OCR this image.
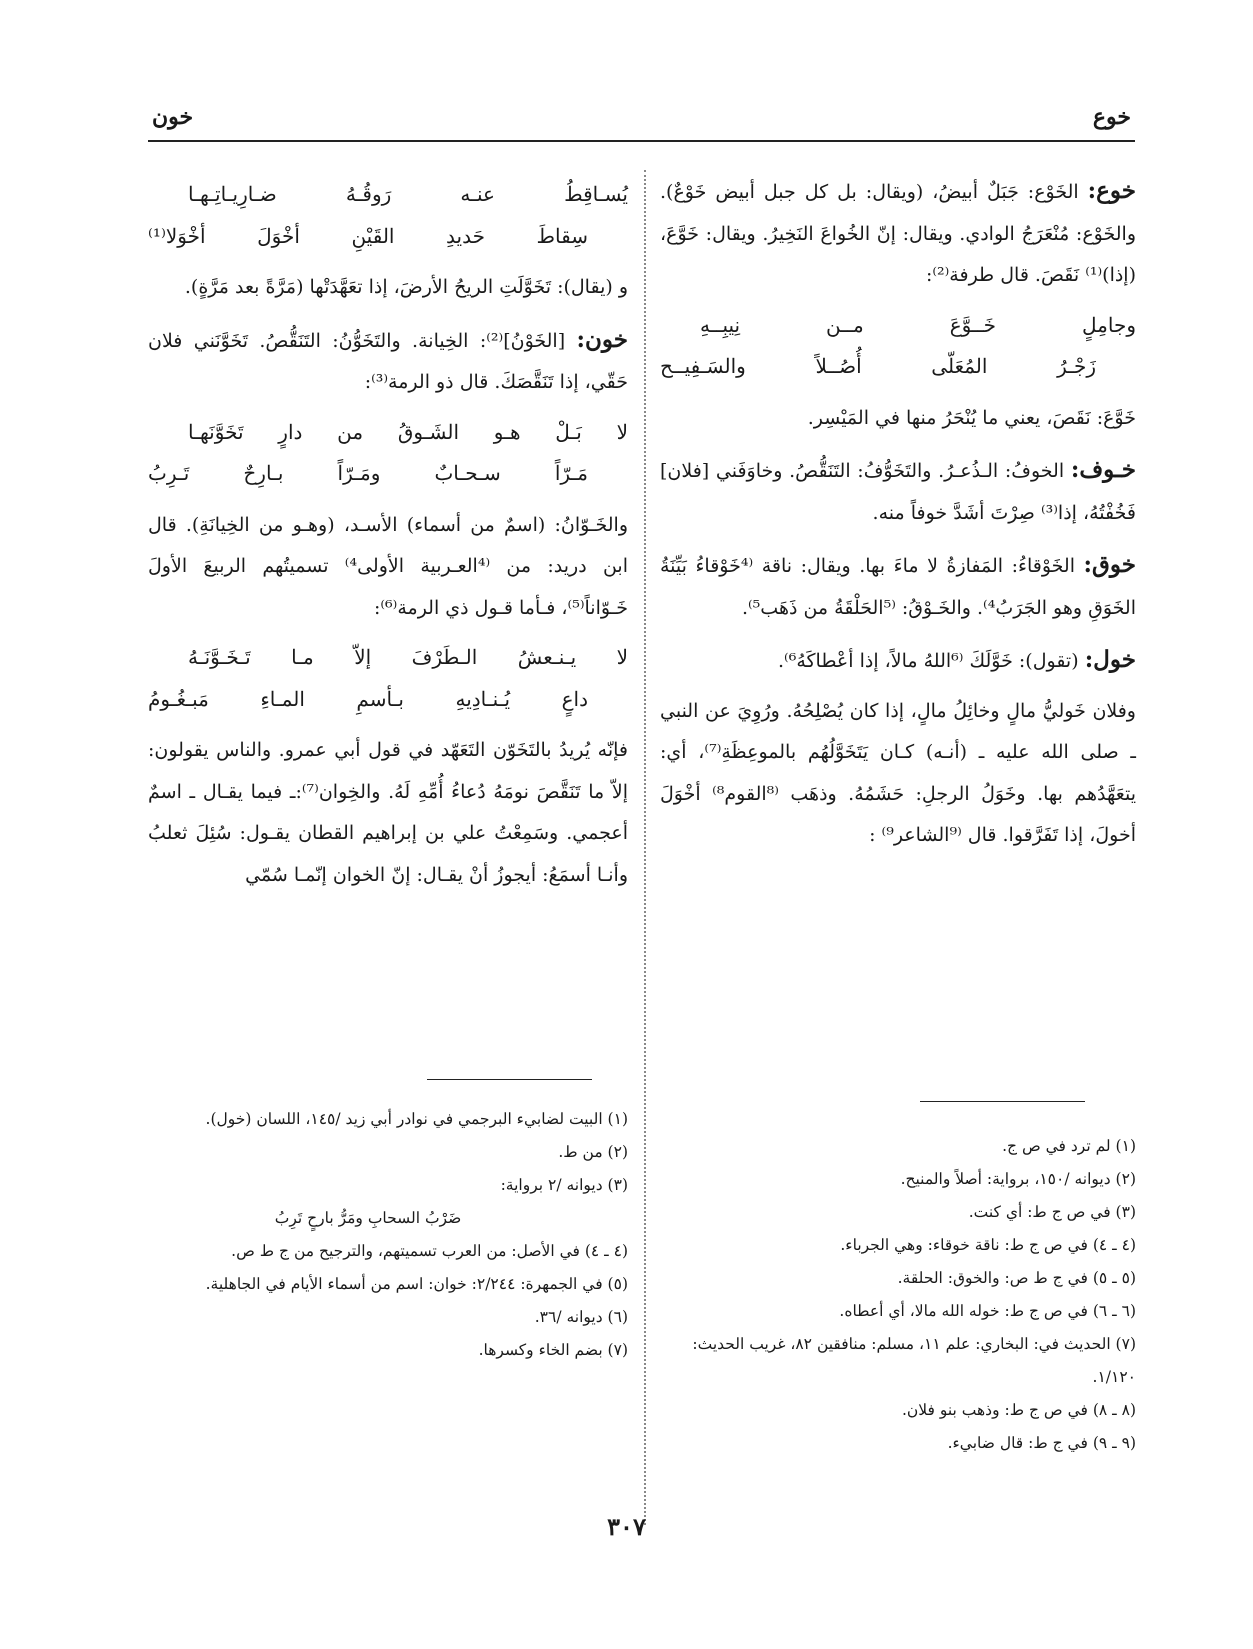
خوع
خون

خوع: الخَوْع: جَبَلٌ أبيضُ، (ويقال: بل كل جبل أبيض خَوْعٌ). والخَوْع: مُنْعَرَجُ الوادي. ويقال: إنّ الخُواعَ النَخِيرُ. ويقال: خَوَّعَ، (إذا)⁽¹⁾ نَقَصَ. قال طرفة⁽²⁾:

وجامِلٍ خَــوَّعَ مــن نِيبِــهِ
زَجْـرُ المُعَلّى أُصُــلاً والسَـفِيــح

خَوَّعَ: نَقَصَ، يعني ما يُنْحَرُ منها في المَيْسِر.

خـوف: الخوفُ: الـذُعـرُ. والتَخَوُّفُ: التَنَقُّصُ. وخاوَفَني [فلان] فَخُفْتُهُ، إذا⁽³⁾ صِرْتَ أشَدَّ خوفاً منه.

خوق: الخَوْقاءُ: المَفازةُ لا ماءَ بها. ويقال: ناقة ⁽⁴خَوْقاءُ بَيِّنَةُ الخَوَقِ وهو الجَرَبُ⁴⁾. والخَـوْقُ: ⁽⁵الحَلْقَةُ من ذَهَب⁵⁾.

خول: (تقول): خَوَّلَكَ ⁽⁶اللهُ مالاً، إذا أعْطاكَهُ⁶⁾.

وفلان خَوليُّ مالٍ وخائِلُ مالٍ، إذا كان يُصْلِحُهُ. ورُوِيَ عن النبي ـ صلى الله عليه ـ (أنـه) كـان يَتَخَوَّلُهُم بالموعِظَةِ⁽⁷⁾، أي: يتعَهَّدُهم بها. وخَوَلُ الرجلِ: حَشَمُهُ. وذهَب ⁽⁸القوم⁸⁾ أخْوَلَ أخولَ، إذا تَفَرَّقوا. قال ⁽⁹الشاعر⁹⁾ :

يُسـاقِطُ عنـه رَوقُـهُ ضـارِيـاتِـهـا
سِقاطَ حَديدِ القَيْنِ أخْوَلَ أخْوَلا⁽¹⁾

و (يقال): تَخَوَّلَتِ الريحُ الأرضَ، إذا تعَهَّدَتْها (مَرَّةً بعد مَرَّةٍ).

خون: [الخَوْنُ]⁽²⁾: الخِيانة. والتَخَوُّنُ: التَنَقُّصُ. تَخَوَّنَني فلان حَقّي، إذا تَنَقَّصَكَ. قال ذو الرمة⁽³⁾:

لا بَـلْ هـو الشَـوقُ من دارٍ تَخَوَّنَهـا
مَـرّاً سـحـابٌ ومَـرّاً بـارِحٌ تَـرِبُ

والخَـوّانُ: (اسمٌ من أسماء) الأسـد، (وهـو من الخِيانَةِ). قال ابن دريد: من ⁽⁴العـربية الأولى⁴⁾ تسميتُهم الربيعَ الأولَ خَـوّاناً⁽⁵⁾، فـأما قـول ذي الرمة⁽⁶⁾:

لا يـنـعشُ الـطَرْفَ إلاّ مـا تَـخَـوَّنَـهُ
داعٍ يُـنـادِيهِ بـأسمِ المـاءِ مَبـغُـومُ

فإنّه يُريدُ بالتَخَوّن التَعَهّد في قول أبي عمرو. والناس يقولون: إلاّ ما تَنَقَّصَ نومَهُ دُعاءُ أُمِّهِ لَهُ. والخِوان⁽⁷⁾:ـ فيما يقـال ـ اسمٌ أعجمي. وسَمِعْتُ علي بن إبراهيم القطان يقـول: سُئِلَ ثعلبُ وأنـا أسمَعُ: أيجوزُ أنْ يقـال: إنّ الخوان إنّمـا سُمّي

(١) لم ترد في ص ج.

(٢) ديوانه /١٥٠، برواية: أصلاً والمنيح.

(٣) في ص ج ط: أي كنت.

(٤ ـ ٤) في ص ج ط: ناقة خوقاء: وهي الجرباء.

(٥ ـ ٥) في ج ط ص: والخوق: الحلقة.

(٦ ـ ٦) في ص ج ط: خوله الله مالا، أي أعطاه.

(٧) الحديث في: البخاري: علم ١١، مسلم: منافقين ٨٢، غريب الحديث: ١/١٢٠.

(٨ ـ ٨) في ص ج ط: وذهب بنو فلان.

(٩ ـ ٩) في ج ط: قال ضابيء.

(١) البيت لضابيء البرجمي في نوادر أبي زيد /١٤٥، اللسان (خول).

(٢) من ط.

(٣) ديوانه /٢ برواية:

ضَرْبُ السحابِ ومَرُّ بارحٍ تَرِبُ

(٤ ـ ٤) في الأصل: من العرب تسميتهم، والترجيح من ج ط ص.

(٥) في الجمهرة: ٢/٢٤٤: خوان: اسم من أسماء الأيام في الجاهلية.

(٦) ديوانه /٣٦.

(٧) بضم الخاء وكسرها.

٣٠٧
